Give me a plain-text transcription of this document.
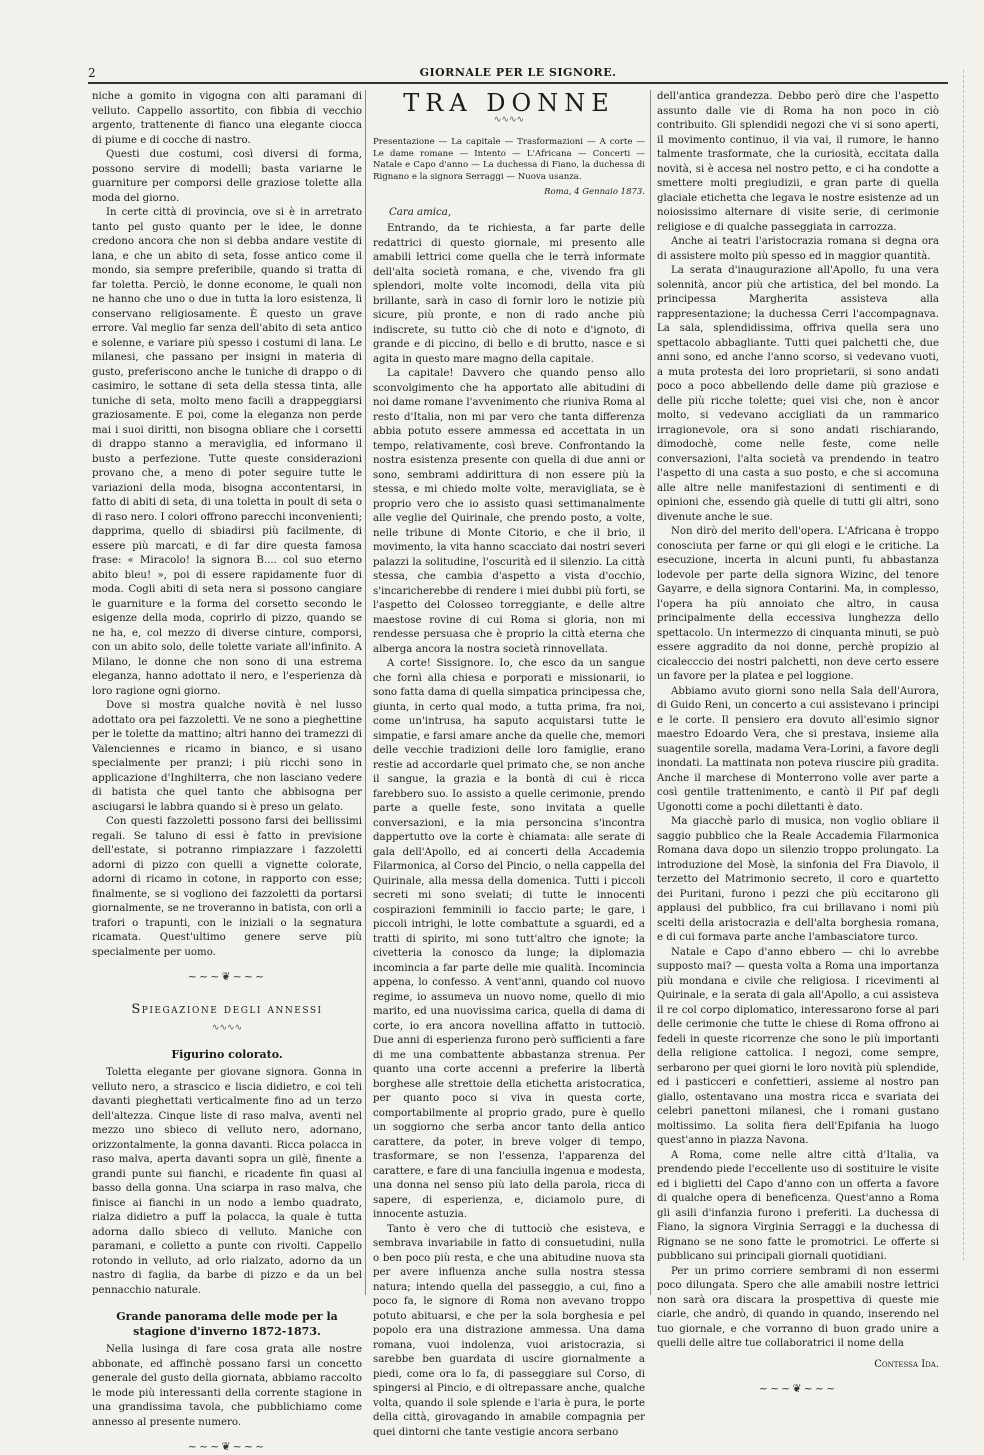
2	GIORNALE PER LE SIGNORE.

niche a gomito in vigogna con alti paramani di velluto. Cappello assortito, con fibbia di vecchio argento, trattenente di fianco una elegante ciocca di piume e di cocche di nastro.

Questi due costumi, così diversi di forma, possono servire di modelli; basta variarne le guarniture per comporsi delle graziose tolette alla moda del giorno.

In certe città di provincia, ove si è in arretrato tanto pel gusto quanto per le idee, le donne credono ancora che non si debba andare vestite di lana, e che un abito di seta, fosse antico come il mondo, sia sempre preferibile, quando si tratta di far toletta. Perciò, le donne econome, le quali non ne hanno che uno o due in tutta la loro esistenza, li conservano religiosamente. È questo un grave errore. Val meglio far senza dell'abito di seta antico e solenne, e variare più spesso i costumi di lana. Le milanesi, che passano per insigni in materia di gusto, preferiscono anche le tuniche di drappo o di casimiro, le sottane di seta della stessa tinta, alle tuniche di seta, molto meno facili a drappeggiarsi graziosamente. E poi, come la eleganza non perde mai i suoi diritti, non bisogna obliare che i corsetti di drappo stanno a meraviglia, ed informano il busto a perfezione. Tutte queste considerazioni provano che, a meno di poter seguire tutte le variazioni della moda, bisogna accontentarsi, in fatto di abiti di seta, di una toletta in poult di seta o di raso nero. I colori offrono parecchi inconvenienti; dapprima, quello di sbiadirsi più facilmente, di essere più marcati, e di far dire questa famosa frase: « Miracolo! la signora B.... col suo eterno abito bleu! », poi di essere rapidamente fuor di moda. Cogli abiti di seta nera si possono cangiare le guarniture e la forma del corsetto secondo le esigenze della moda, coprirlo di pizzo, quando se ne ha, e, col mezzo di diverse cinture, comporsi, con un abito solo, delle tolette variate all'infinito. A Milano, le donne che non sono di una estrema eleganza, hanno adottato il nero, e l'esperienza dà loro ragione ogni giorno.

Dove si mostra qualche novità è nel lusso adottato ora pei fazzoletti. Ve ne sono a pieghettine per le tolette da mattino; altri hanno dei tramezzi di Valenciennes e ricamo in bianco, e si usano specialmente per pranzi; i più ricchi sono in applicazione d'Inghilterra, che non lasciano vedere di batista che quel tanto che abbisogna per asciugarsi le labbra quando si è preso un gelato.

Con questi fazzoletti possono farsi dei bellissimi regali. Se taluno di essi è fatto in previsione dell'estate, si potranno rimpiazzare i fazzoletti adorni di pizzo con quelli a vignette colorate, adorni di ricamo in cotone, in rapporto con esse; finalmente, se si vogliono dei fazzoletti da portarsi giornalmente, se ne troveranno in batista, con orli a trafori o trapunti, con le iniziali o la segnatura ricamata. Quest'ultimo genere serve più specialmente per uomo.

~~~❦~~~
Spiegazione degli annessi
∿∿∿∿
Figurino colorato.

Toletta elegante per giovane signora. Gonna in velluto nero, a strascico e liscia didietro, e coi teli davanti pieghettati verticalmente fino ad un terzo dell'altezza. Cinque liste di raso malva, aventi nel mezzo uno sbieco di velluto nero, adornano, orizzontalmente, la gonna davanti. Ricca polacca in raso malva, aperta davanti sopra un gilè, finente a grandi punte sui fianchi, e ricadente fin quasi al basso della gonna. Una sciarpa in raso malva, che finisce ai fianchi in un nodo a lembo quadrato, rialza didietro a puff la polacca, la quale è tutta adorna dallo sbieco di velluto. Maniche con paramani, e colletto a punte con rivolti. Cappello rotondo in velluto, ad orlo rialzato, adorno da un nastro di faglia, da barbe di pizzo e da un bel pennacchio naturale.

Grande panorama delle mode per la stagione d'inverno 1872-1873.

Nella lusinga di fare cosa grata alle nostre abbonate, ed affinchè possano farsi un concetto generale del gusto della giornata, abbiamo raccolto le mode più interessanti della corrente stagione in una grandissima tavola, che pubblichiamo come annesso al presente numero.

~~~❦~~~
TRA DONNE
∿∿∿∿

Presentazione — La capitale — Trasformazioni — A corte — Le dame romane — Intento — L'Africana — Concerti — Natale e Capo d'anno — La duchessa di Fiano, la duchessa di Rignano e la signora Serraggi — Nuova usanza.

Roma, 4 Gennaio 1873.
Cara amica,

Entrando, da te richiesta, a far parte delle redattrici di questo giornale, mi presento alle amabili lettrici come quella che le terrà informate dell'alta società romana, e che, vivendo fra gli splendori, molte volte incomodi, della vita più brillante, sarà in caso di fornir loro le notizie più sicure, più pronte, e non di rado anche più indiscrete, su tutto ciò che di noto e d'ignoto, di grande e di piccino, di bello e di brutto, nasce e si agita in questo mare magno della capitale.

La capitale! Davvero che quando penso allo sconvolgimento che ha apportato alle abitudini di noi dame romane l'avvenimento che riuniva Roma al resto d'Italia, non mi par vero che tanta differenza abbia potuto essere ammessa ed accettata in un tempo, relativamente, così breve. Confrontando la nostra esistenza presente con quella di due anni or sono, sembrami addirittura di non essere più la stessa, e mi chiedo molte volte, meravigliata, se è proprio vero che io assisto quasi settimanalmente alle veglie del Quirinale, che prendo posto, a volte, nelle tribune di Monte Citorio, e che il brio, il movimento, la vita hanno scacciato dai nostri severi palazzi la solitudine, l'oscurità ed il silenzio. La città stessa, che cambia d'aspetto a vista d'occhio, s'incaricherebbe di rendere i miei dubbi più forti, se l'aspetto del Colosseo torreggiante, e delle altre maestose rovine di cui Roma si gloria, non mi rendesse persuasa che è proprio la città eterna che alberga ancora la nostra società rinnovellata.

A corte! Sissignore. Io, che esco da un sangue che fornì alla chiesa e porporati e missionarii, io sono fatta dama di quella simpatica principessa che, giunta, in certo qual modo, a tutta prima, fra noi, come un'intrusa, ha saputo acquistarsi tutte le simpatie, e farsi amare anche da quelle che, memori delle vecchie tradizioni delle loro famiglie, erano restie ad accordarle quel primato che, se non anche il sangue, la grazia e la bontà di cui è ricca farebbero suo. Io assisto a quelle cerimonie, prendo parte a quelle feste, sono invitata a quelle conversazioni, e la mia personcina s'incontra dappertutto ove la corte è chiamata: alle serate di gala dell'Apollo, ed ai concerti della Accademia Filarmonica, al Corso del Pincio, o nella cappella del Quirinale, alla messa della domenica. Tutti i piccoli secreti mi sono svelati; di tutte le innocenti cospirazioni femminili io faccio parte; le gare, i piccoli intrighi, le lotte combattute a sguardi, ed a tratti di spirito, mi sono tutt'altro che ignote; la civetteria la conosco da lunge; la diplomazia incomincia a far parte delle mie qualità. Incomincia appena, lo confesso. A vent'anni, quando col nuovo regime, io assumeva un nuovo nome, quello di mio marito, ed una nuovissima carica, quella di dama di corte, io era ancora novellina affatto in tuttociò. Due anni di esperienza furono però sufficienti a fare di me una combattente abbastanza strenua. Per quanto una corte accenni a preferire la libertà borghese alle strettoie della etichetta aristocratica, per quanto poco si viva in questa corte, comportabilmente al proprio grado, pure è quello un soggiorno che serba ancor tanto della antico carattere, da poter, in breve volger di tempo, trasformare, se non l'essenza, l'apparenza del carattere, e fare di una fanciulla ingenua e modesta, una donna nel senso più lato della parola, ricca di sapere, di esperienza, e, diciamolo pure, di innocente astuzia.

Tanto è vero che di tuttociò che esisteva, e sembrava invariabile in fatto di consuetudini, nulla o ben poco più resta, e che una abitudine nuova sta per avere influenza anche sulla nostra stessa natura; intendo quella del passeggio, a cui, fino a poco fa, le signore di Roma non avevano troppo potuto abituarsi, e che per la sola borghesia e pel popolo era una distrazione ammessa. Una dama romana, vuoi indolenza, vuoi aristocrazia, si sarebbe ben guardata di uscire giornalmente a piedi, come ora lo fa, di passeggiare sul Corso, di spingersi al Pincio, e di oltrepassare anche, qualche volta, quando il sole splende e l'aria è pura, le porte della città, girovagando in amabile compagnia per quei dintorni che tante vestigie ancora serbano

dell'antica grandezza. Debbo però dire che l'aspetto assunto dalle vie di Roma ha non poco in ciò contribuito. Gli splendidi negozi che vi si sono aperti, il movimento continuo, il via vai, il rumore, le hanno talmente trasformate, che la curiosità, eccitata dalla novità, si è accesa nel nostro petto, e ci ha condotte a smettere molti pregiudizii, e gran parte di quella glaciale etichetta che legava le nostre esistenze ad un noiosissimo alternare di visite serie, di cerimonie religiose e di qualche passeggiata in carrozza.

Anche ai teatri l'aristocrazia romana si degna ora di assistere molto più spesso ed in maggior quantità.

La serata d'inaugurazione all'Apollo, fu una vera solennità, ancor più che artistica, del bel mondo. La principessa Margherita assisteva alla rappresentazione; la duchessa Cerri l'accompagnava. La sala, splendidissima, offriva quella sera uno spettacolo abbagliante. Tutti quei palchetti che, due anni sono, ed anche l'anno scorso, si vedevano vuoti, a muta protesta dei loro proprietarii, si sono andati poco a poco abbellendo delle dame più graziose e delle più ricche tolette; quei visi che, non è ancor molto, si vedevano accigliati da un rammarico irragionevole, ora si sono andati rischiarando, dimodochè, come nelle feste, come nelle conversazioni, l'alta società va prendendo in teatro l'aspetto di una casta a suo posto, e che si accomuna alle altre nelle manifestazioni di sentimenti e di opinioni che, essendo già quelle di tutti gli altri, sono divenute anche le sue.

Non dirò del merito dell'opera. L'Africana è troppo conosciuta per farne or qui gli elogi e le critiche. La esecuzione, incerta in alcuni punti, fu abbastanza lodevole per parte della signora Wizinc, del tenore Gayarre, e della signora Contarini. Ma, in complesso, l'opera ha più annoiato che altro, in causa principalmente della eccessiva lunghezza dello spettacolo. Un intermezzo di cinquanta minuti, se può essere aggradito da noi donne, perchè propizio al cicalecccio dei nostri palchetti, non deve certo essere un favore per la platea e pel loggione.

Abbiamo avuto giorni sono nella Sala dell'Aurora, di Guido Reni, un concerto a cui assistevano i principi e le corte. Il pensiero era dovuto all'esimio signor maestro Edoardo Vera, che si prestava, insieme alla suagentile sorella, madama Vera-Lorini, a favore degli inondati. La mattinata non poteva riuscire più gradita. Anche il marchese di Monterrono volle aver parte a così gentile trattenimento, e cantò il Pif paf degli Ugonotti come a pochi dilettanti è dato.

Ma giacchè parlo di musica, non voglio obliare il saggio pubblico che la Reale Accademia Filarmonica Romana dava dopo un silenzio troppo prolungato. La introduzione del Mosè, la sinfonia del Fra Diavolo, il terzetto del Matrimonio secreto, il coro e quartetto dei Puritani, furono i pezzi che più eccitarono gli applausi del pubblico, fra cui brillavano i nomi più scelti della aristocrazia e dell'alta borghesia romana, e di cui formava parte anche l'ambasciatore turco.

Natale e Capo d'anno ebbero — chi lo avrebbe supposto mai? — questa volta a Roma una importanza più mondana e civile che religiosa. I ricevimenti al Quirinale, e la serata di gala all'Apollo, a cui assisteva il re col corpo diplomatico, interessarono forse al pari delle cerimonie che tutte le chiese di Roma offrono ai fedeli in queste ricorrenze che sono le più importanti della religione cattolica. I negozi, come sempre, serbarono per quei giorni le loro novità più splendide, ed i pasticceri e confettieri, assieme al nostro pan giallo, ostentavano una mostra ricca e svariata dei celebri panettoni milanesi, che i romani gustano moltissimo. La solita fiera dell'Epifania ha luogo quest'anno in piazza Navona.

A Roma, come nelle altre città d'Italia, va prendendo piede l'eccellente uso di sostituire le visite ed i biglietti del Capo d'anno con un offerta a favore di qualche opera di beneficenza. Quest'anno a Roma gli asili d'infanzia furono i preferiti. La duchessa di Fiano, la signora Virginia Serraggi e la duchessa di Rignano se ne sono fatte le promotrici. Le offerte si pubblicano sui principali giornali quotidiani.

Per un primo corriere sembrami di non essermi poco dilungata. Spero che alle amabili nostre lettrici non sarà ora discara la prospettiva di queste mie ciarle, che andrò, di quando in quando, inserendo nel tuo giornale, e che vorranno di buon grado unire a quelli delle altre tue collaboratrici il nome della

Contessa Ida.
~~~❦~~~
